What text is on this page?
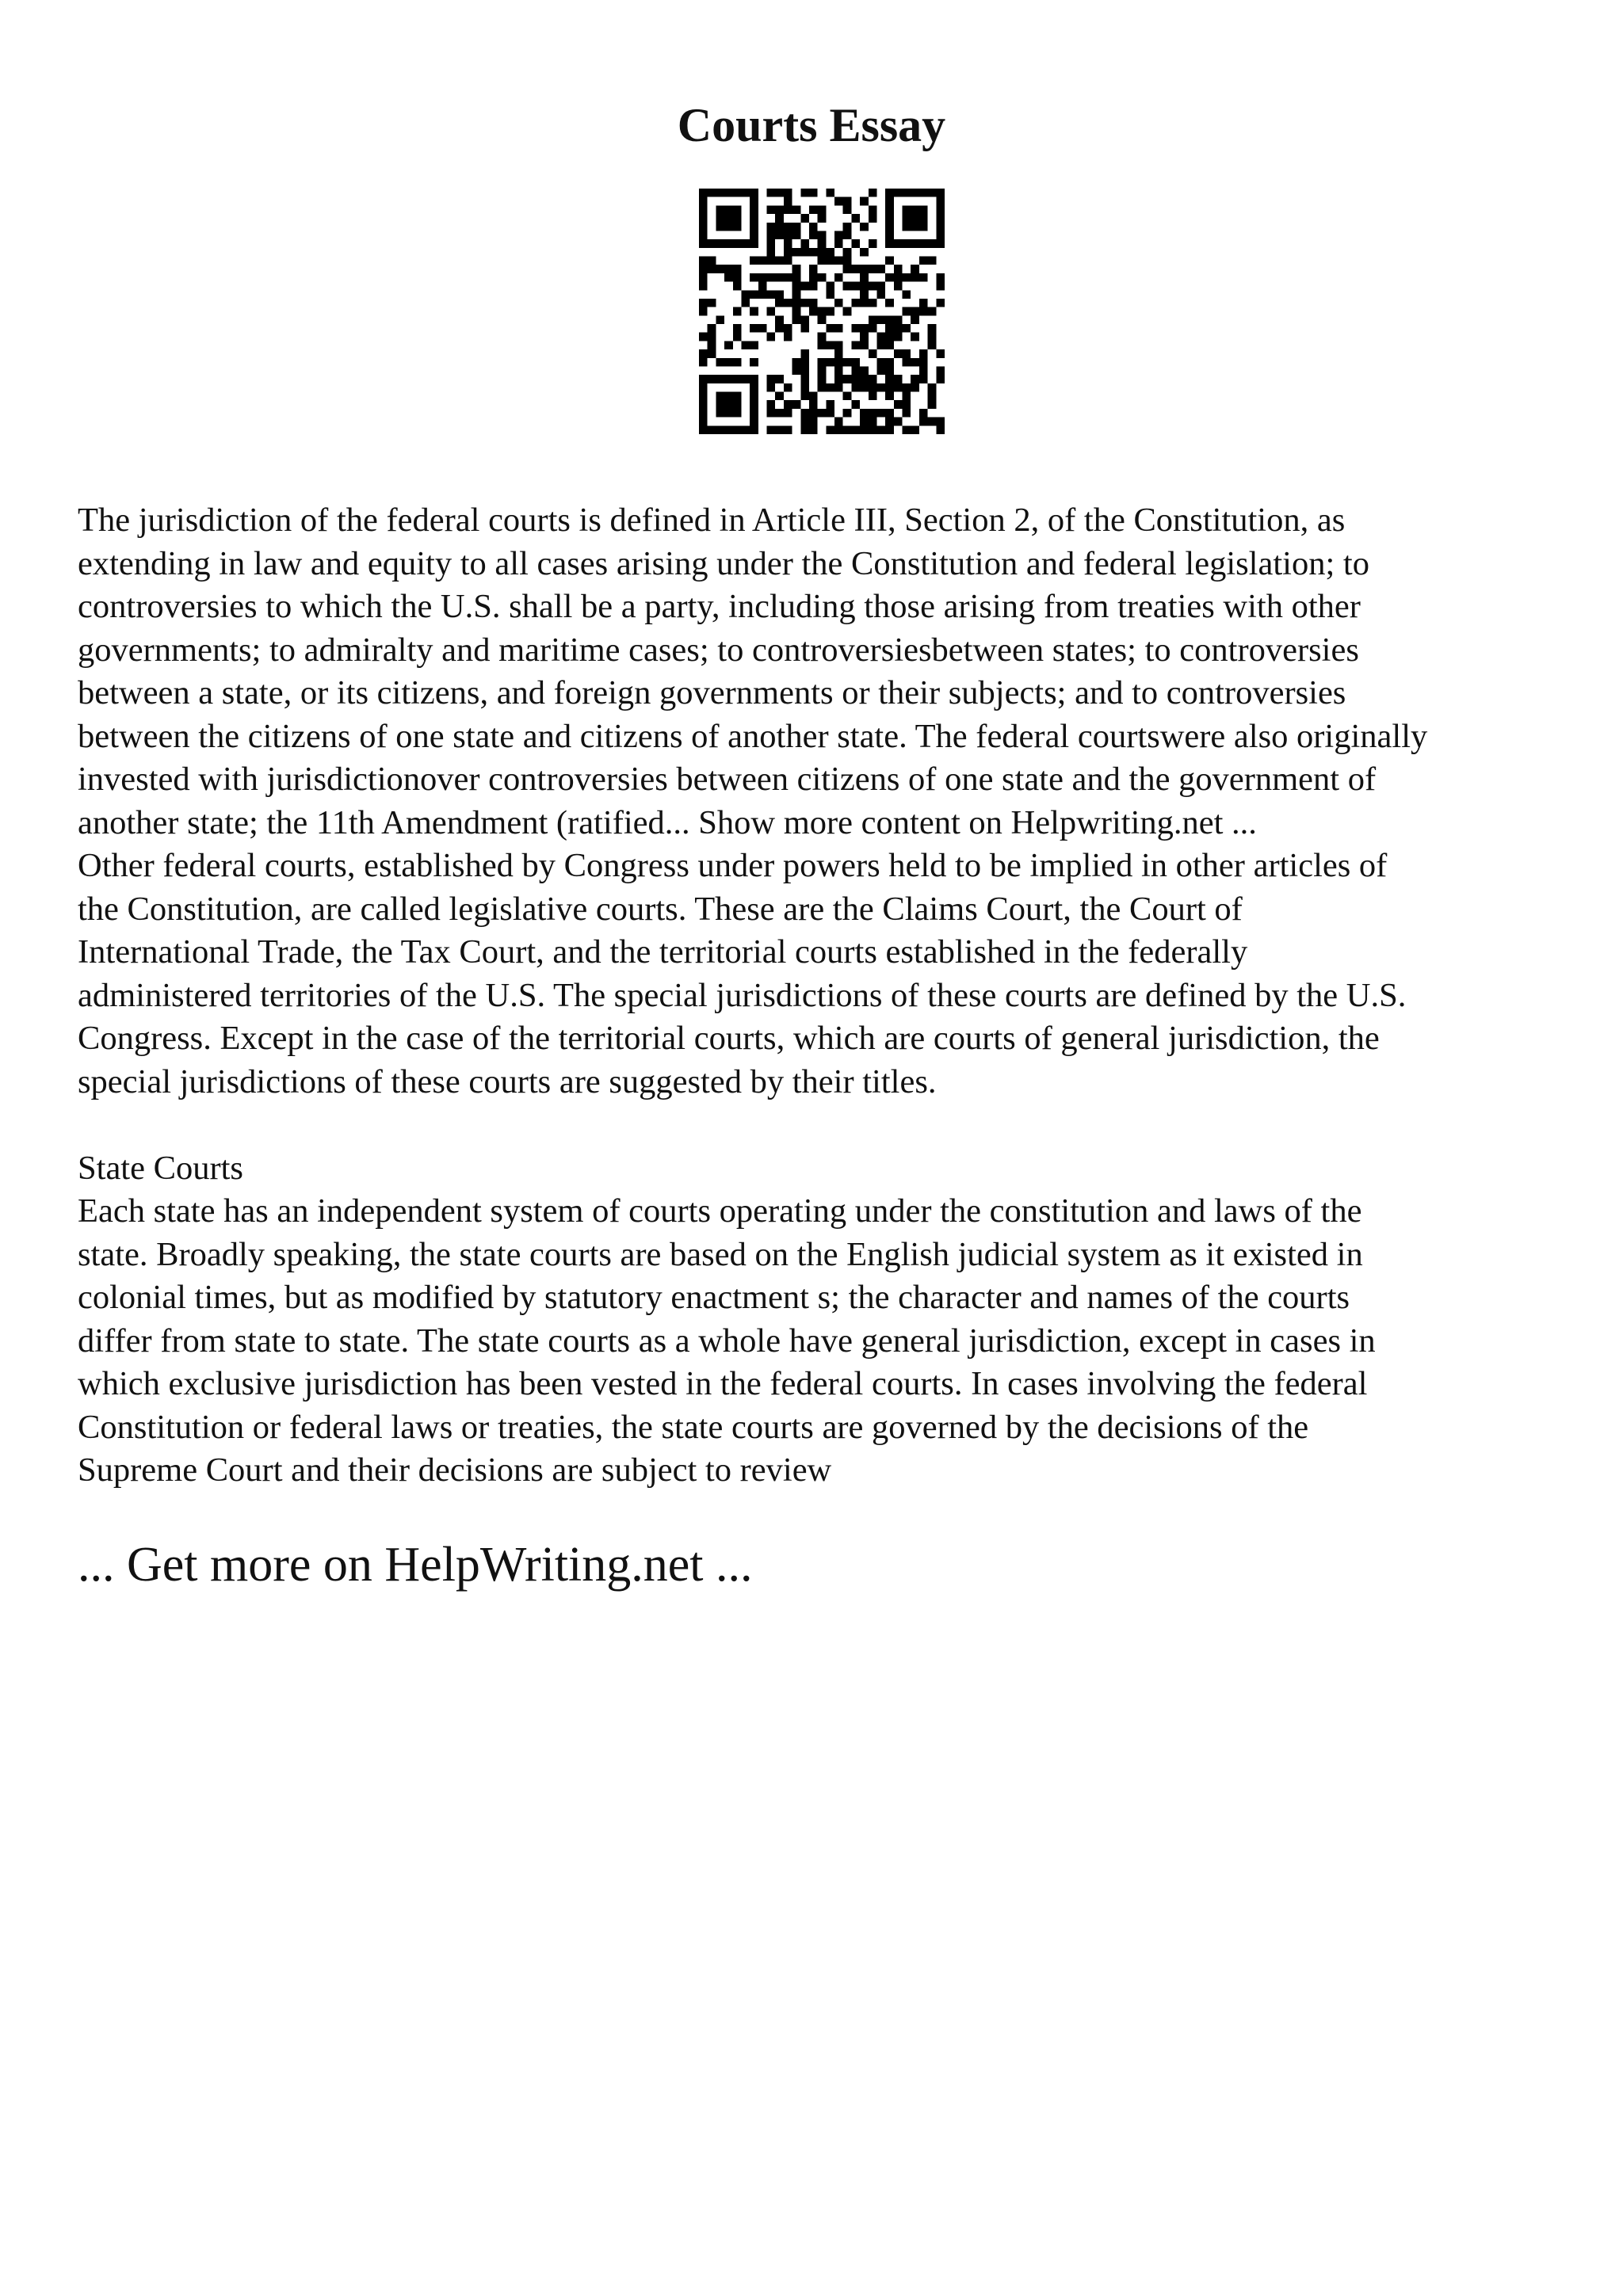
Courts Essay

The jurisdiction of the federal courts is defined in Article III, Section 2, of the Constitution, as
extending in law and equity to all cases arising under the Constitution and federal legislation; to
controversies to which the U.S. shall be a party, including those arising from treaties with other
governments; to admiralty and maritime cases; to controversiesbetween states; to controversies
between a state, or its citizens, and foreign governments or their subjects; and to controversies
between the citizens of one state and citizens of another state. The federal courtswere also originally
invested with jurisdictionover controversies between citizens of one state and the government of
another state; the 11th Amendment (ratified... Show more content on Helpwriting.net ...

Other federal courts, established by Congress under powers held to be implied in other articles of
the Constitution, are called legislative courts. These are the Claims Court, the Court of
International Trade, the Tax Court, and the territorial courts established in the federally
administered territories of the U.S. The special jurisdictions of these courts are defined by the U.S.
Congress. Except in the case of the territorial courts, which are courts of general jurisdiction, the
special jurisdictions of these courts are suggested by their titles.

State Courts

Each state has an independent system of courts operating under the constitution and laws of the
state. Broadly speaking, the state courts are based on the English judicial system as it existed in
colonial times, but as modified by statutory enactment s; the character and names of the courts
differ from state to state. The state courts as a whole have general jurisdiction, except in cases in
which exclusive jurisdiction has been vested in the federal courts. In cases involving the federal
Constitution or federal laws or treaties, the state courts are governed by the decisions of the
Supreme Court and their decisions are subject to review

... Get more on HelpWriting.net ...
